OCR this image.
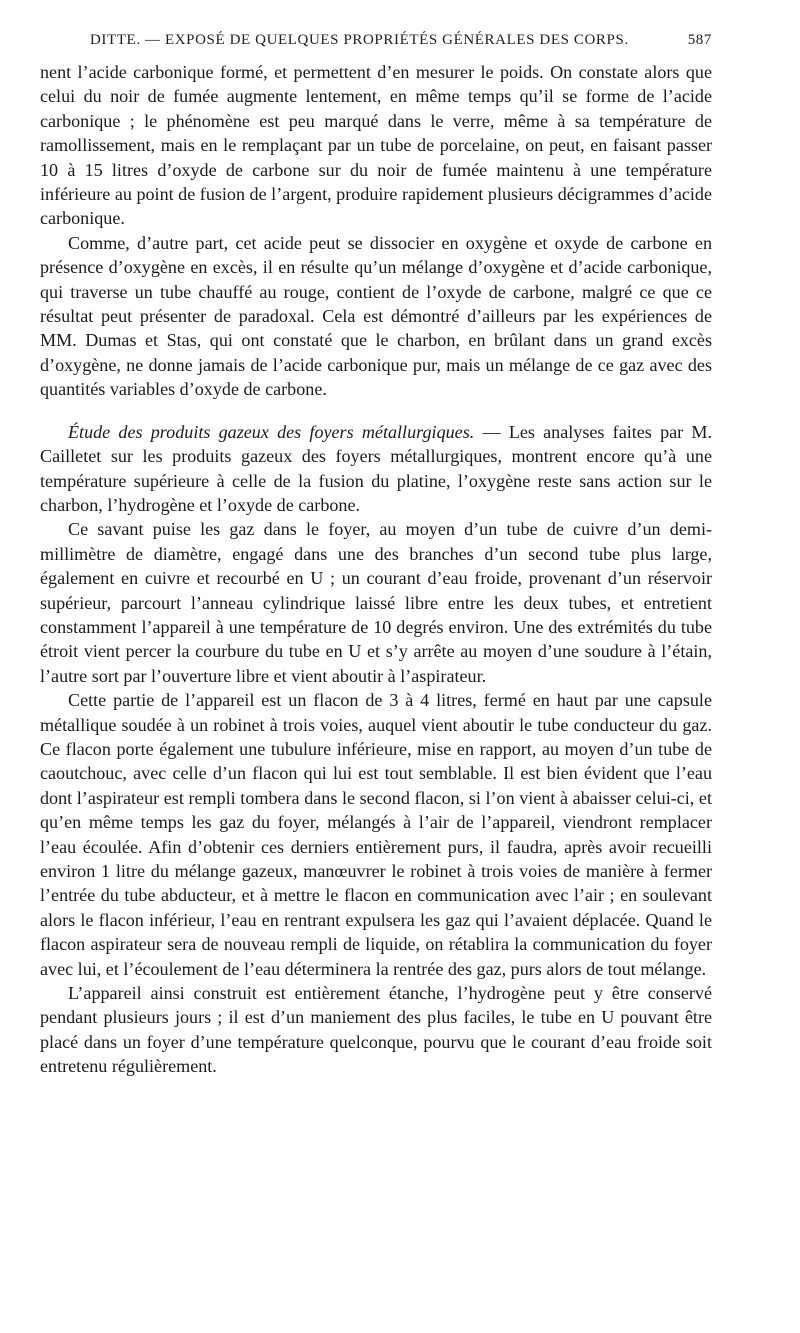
DITTE. — EXPOSÉ DE QUELQUES PROPRIÉTÉS GÉNÉRALES DES CORPS.	587

nent l’acide carbonique formé, et permettent d’en mesurer le poids. On constate alors que celui du noir de fumée augmente lentement, en même temps qu’il se forme de l’acide carbonique ; le phénomène est peu marqué dans le verre, même à sa température de ramollissement, mais en le remplaçant par un tube de porcelaine, on peut, en faisant passer 10 à 15 litres d’oxyde de carbone sur du noir de fumée maintenu à une température inférieure au point de fusion de l’argent, produire rapidement plusieurs décigrammes d’acide carbonique.

Comme, d’autre part, cet acide peut se dissocier en oxygène et oxyde de carbone en présence d’oxygène en excès, il en résulte qu’un mélange d’oxygène et d’acide carbonique, qui traverse un tube chauffé au rouge, contient de l’oxyde de carbone, malgré ce que ce résultat peut présenter de paradoxal. Cela est démontré d’ailleurs par les expériences de MM. Dumas et Stas, qui ont constaté que le charbon, en brûlant dans un grand excès d’oxygène, ne donne jamais de l’acide carbonique pur, mais un mélange de ce gaz avec des quantités variables d’oxyde de carbone.

Étude des produits gazeux des foyers métallurgiques. — Les analyses faites par M. Cailletet sur les produits gazeux des foyers métallurgiques, montrent encore qu’à une température supérieure à celle de la fusion du platine, l’oxygène reste sans action sur le charbon, l’hydrogène et l’oxyde de carbone.

Ce savant puise les gaz dans le foyer, au moyen d’un tube de cuivre d’un demi-millimètre de diamètre, engagé dans une des branches d’un second tube plus large, également en cuivre et recourbé en U ; un courant d’eau froide, provenant d’un réservoir supérieur, parcourt l’anneau cylindrique laissé libre entre les deux tubes, et entretient constamment l’appareil à une température de 10 degrés environ. Une des extrémités du tube étroit vient percer la courbure du tube en U et s’y arrête au moyen d’une soudure à l’étain, l’autre sort par l’ouverture libre et vient aboutir à l’aspirateur.

Cette partie de l’appareil est un flacon de 3 à 4 litres, fermé en haut par une capsule métallique soudée à un robinet à trois voies, auquel vient aboutir le tube conducteur du gaz. Ce flacon porte également une tubulure inférieure, mise en rapport, au moyen d’un tube de caoutchouc, avec celle d’un flacon qui lui est tout semblable. Il est bien évident que l’eau dont l’aspirateur est rempli tombera dans le second flacon, si l’on vient à abaisser celui-ci, et qu’en même temps les gaz du foyer, mélangés à l’air de l’appareil, viendront remplacer l’eau écoulée. Afin d’obtenir ces derniers entièrement purs, il faudra, après avoir recueilli environ 1 litre du mélange gazeux, manœuvrer le robinet à trois voies de manière à fermer l’entrée du tube abducteur, et à mettre le flacon en communication avec l’air ; en soulevant alors le flacon inférieur, l’eau en rentrant expulsera les gaz qui l’avaient déplacée. Quand le flacon aspirateur sera de nouveau rempli de liquide, on rétablira la communication du foyer avec lui, et l’écoulement de l’eau déterminera la rentrée des gaz, purs alors de tout mélange.

L’appareil ainsi construit est entièrement étanche, l’hydrogène peut y être conservé pendant plusieurs jours ; il est d’un maniement des plus faciles, le tube en U pouvant être placé dans un foyer d’une température quelconque, pourvu que le courant d’eau froide soit entretenu régulièrement.
